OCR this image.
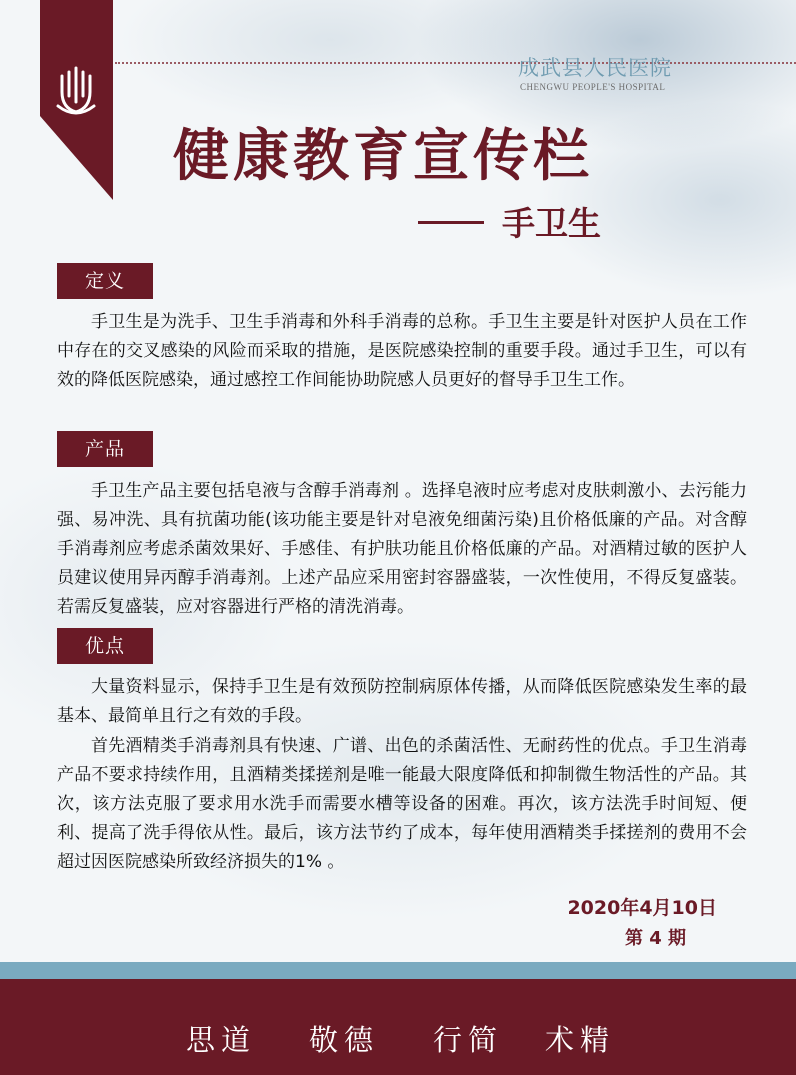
成武县人民医院
CHENGWU PEOPLE'S HOSPITAL
健康教育宣传栏
手卫生
定义

手卫生是为洗手、卫生手消毒和外科手消毒的总称。手卫生主要是针对医护人员在工作中存在的交叉感染的风险而采取的措施，是医院感染控制的重要手段。通过手卫生，可以有效的降低医院感染，通过感控工作间能协助院感人员更好的督导手卫生工作。

产品

手卫生产品主要包括皂液与含醇手消毒剂 。选择皂液时应考虑对皮肤刺激小、去污能力强、易冲洗、具有抗菌功能(该功能主要是针对皂液免细菌污染)且价格低廉的产品。对含醇手消毒剂应考虑杀菌效果好、手感佳、有护肤功能且价格低廉的产品。对酒精过敏的医护人员建议使用异丙醇手消毒剂。上述产品应采用密封容器盛装，一次性使用，不得反复盛装。若需反复盛装，应对容器进行严格的清洗消毒。

优点

大量资料显示，保持手卫生是有效预防控制病原体传播，从而降低医院感染发生率的最基本、最简单且行之有效的手段。

首先酒精类手消毒剂具有快速、广谱、出色的杀菌活性、无耐药性的优点。手卫生消毒产品不要求持续作用，且酒精类揉搓剂是唯一能最大限度降低和抑制微生物活性的产品。其次，该方法克服了要求用水洗手而需要水槽等设备的困难。再次，该方法洗手时间短、便利、提高了洗手得依从性。最后，该方法节约了成本，每年使用酒精类手揉搓剂的费用不会超过因医院感染所致经济损失的1% 。

2020年4月10日
第 4 期
思道 敬德 行简 术精
